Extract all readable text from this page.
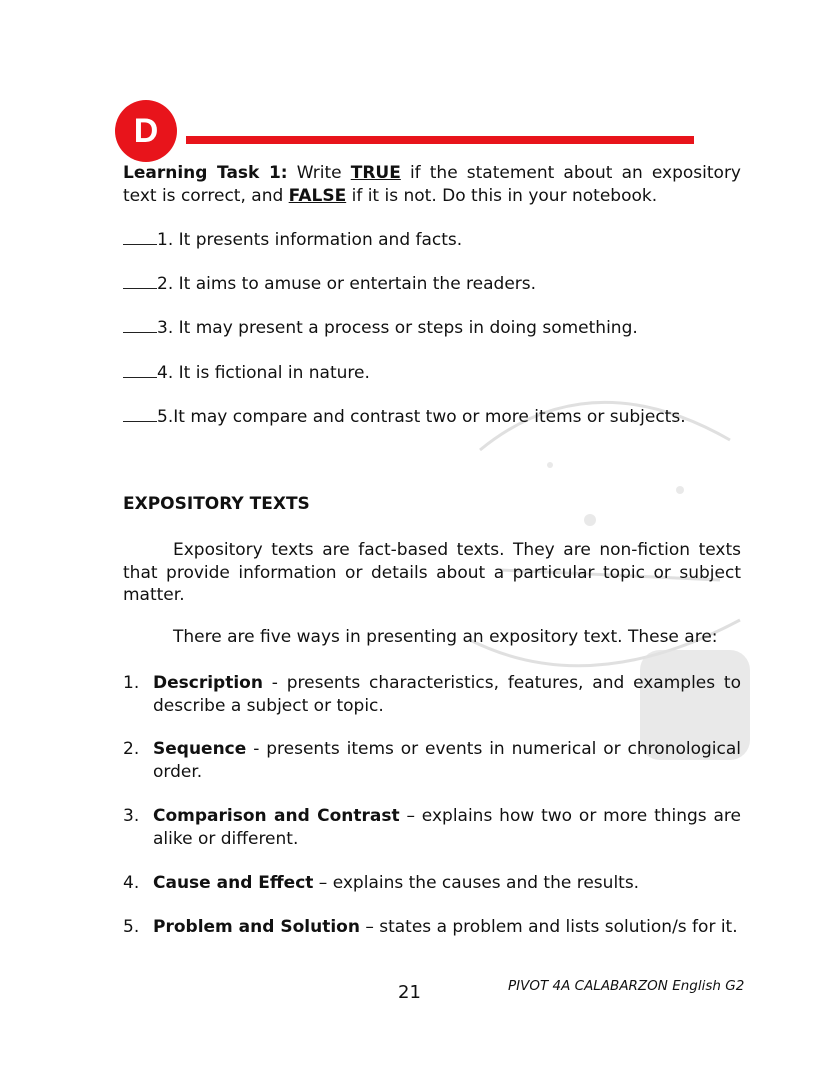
D
Learning Task 1: Write TRUE if the statement about an expository text is correct, and FALSE if it is not. Do this in your notebook.
1. It presents information and facts.
2. It aims to amuse or entertain the readers.
3. It may present a process or steps in doing something.
4. It is fictional in nature.
5. It may compare and contrast two or more items or subjects.
EXPOSITORY TEXTS
Expository texts are fact-based texts. They are non-fiction texts that provide information or details about a particular topic or subject matter.
There are five ways in presenting an expository text. These are:
1. Description - presents characteristics, features, and examples to describe a subject or topic.
2. Sequence - presents items or events in numerical or chronological order.
3. Comparison and Contrast – explains how two or more things are alike or different.
4. Cause and Effect – explains the causes and the results.
5. Problem and Solution – states a problem and lists solution/s for it.
21	PIVOT 4A CALABARZON English G2
